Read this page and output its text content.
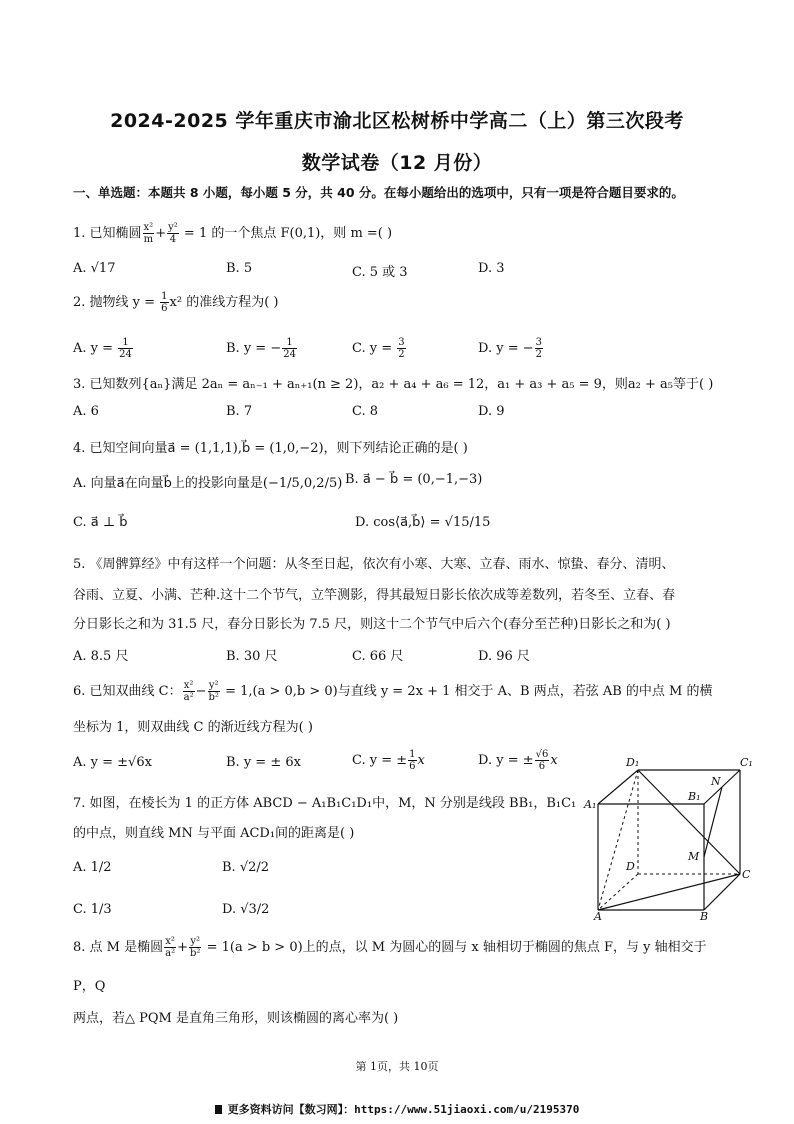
2024-2025 学年重庆市渝北区松树桥中学高二（上）第三次段考
数学试卷（12 月份）
一、单选题：本题共 8 小题，每小题 5 分，共 40 分。在每小题给出的选项中，只有一项是符合题目要求的。
1. 已知椭圆 $\frac{\text{x²}}{m} + \frac{\text{y²}}{4} = 1$ 的一个焦点 F(0,1)，则 m =( )
A. √17	B. 5	C. 5 或 3	D. 3
2. 抛物线 $y = \frac{1}{6} x^2$ 的准线方程为( )
A. $y = \frac{1}{24}$	B. y = − $\frac{1}{24}$	C. $y = \frac{3}{2}$	D. y = − $\frac{3}{2}$
3. 已知数列{aₙ}满足 2aₙ = aₙ₋₁ + aₙ₊₁(n ≥ 2)，a₂ + a₄ + a₆ = 12，a₁ + a₃ + a₅ = 9，则a₂ + a₅等于( )
A. 6	B. 7	C. 8	D. 9
4. 已知空间向量a⃗ = (1,1,1),b⃗ = (1,0,−2)，则下列结论正确的是( )
A. 向量a⃗在向量b⃗上的投影向量是(−1/5,0,2/5) B. a⃗ − b⃗ = (0,−1,−3)
C. a⃗ ⊥ b⃗	D. cos⟨a⃗,b⃗⟩ = √15/15
5. 《周髀算经》中有这样一个问题：从冬至日起，依次有小寒、大寒、立春、雨水、惊蛰、春分、清明、
谷雨、立夏、小满、芒种.这十二个节气，立竿测影，得其最短日影长依次成等差数列，若冬至、立春、春
分日影长之和为 31.5 尺，春分日影长为 7.5 尺，则这十二个节气中后六个(春分至芒种)日影长之和为( )
A. 8.5 尺	B. 30 尺	C. 66 尺	D. 96 尺
6. 已知双曲线 C： $\frac{\text{x²}}{\text{a²}} - \frac{\text{y²}}{\text{b²}} = 1,(a > 0,b > 0)$与直线 y = 2x + 1 相交于 A、B 两点，若弦 AB 的中点 M 的横
坐标为 1，则双曲线 C 的渐近线方程为( )
A. y = ±√6x	B. y = ± 6x	C. y = ± $\frac{1}{6}$ x	D. y = ± $\frac{√6}{6}$ x
7. 如图，在棱长为 1 的正方体 ABCD − A₁B₁C₁D₁中，M，N 分别是线段 BB₁，B₁C₁
的中点，则直线 MN 与平面 ACD₁间的距离是( )
A. 1/2	B. √2/2
C. 1/3	D. √3/2
D₁	C₁
A₁
B₁
N
M
D
C
A	B
8. 点 M 是椭圆 $\frac{\text{x²}}{\text{a²}} + \frac{\text{y²}}{\text{b²}} = 1(a > b > 0)$上的点，以 M 为圆心的圆与 x 轴相切于椭圆的焦点 F，与 y 轴相交于
P，Q
两点，若△ PQM 是直角三角形，则该椭圆的离心率为( )
第 1页，共 10页
更多资料访问【数习网】：https://www.51jiaoxi.com/u/2195370
